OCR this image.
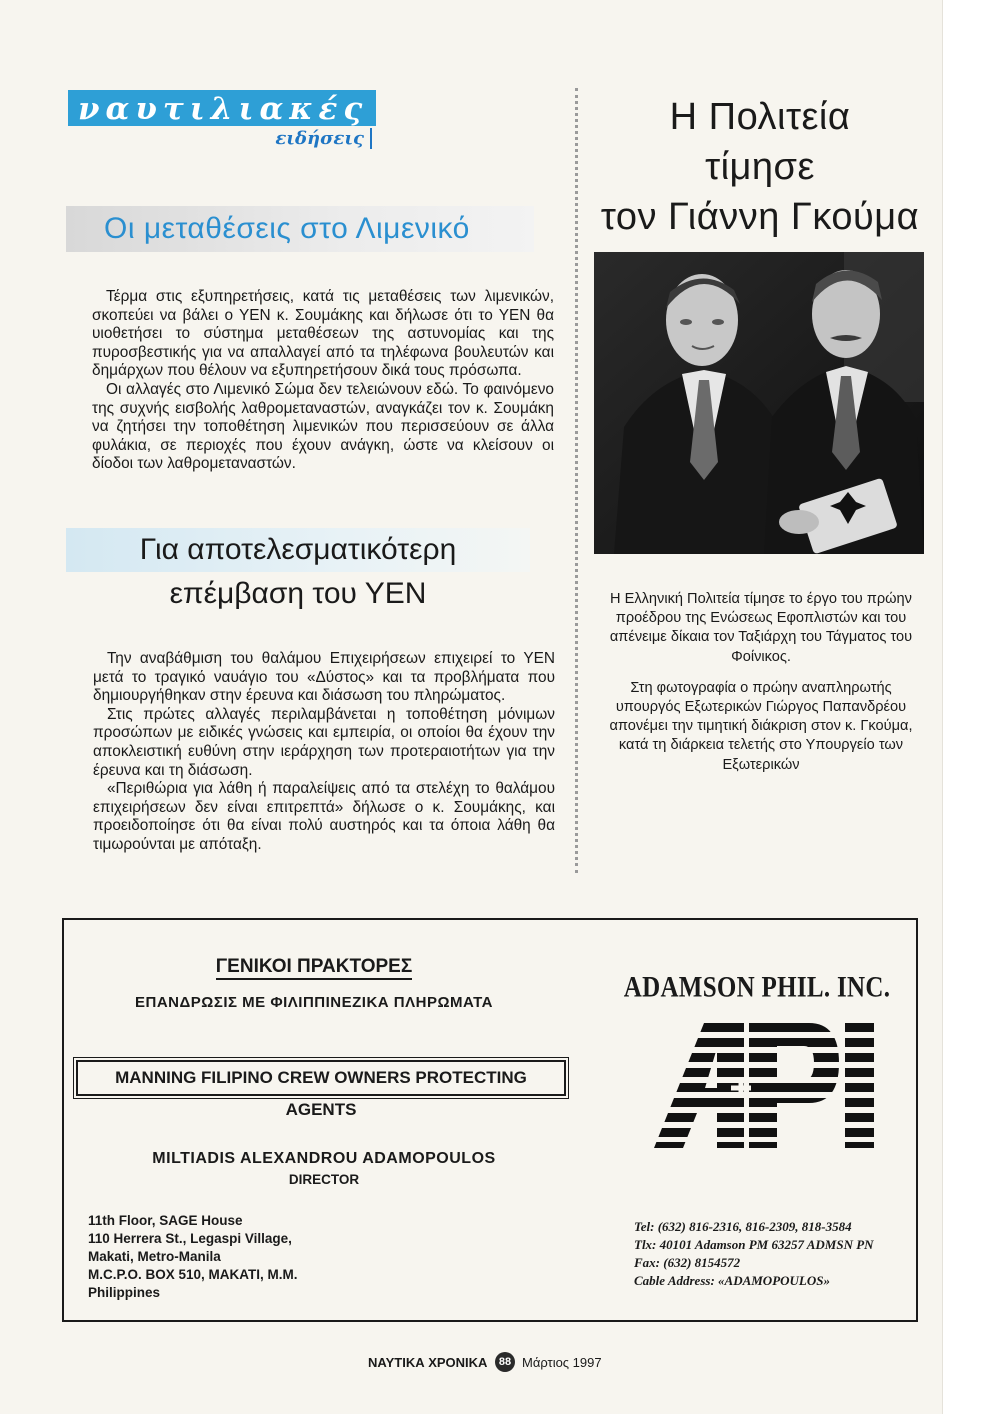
ναυτιλιακές
ειδήσεις
Οι μεταθέσεις στο Λιμενικό

Τέρμα στις εξυπηρετήσεις, κατά τις μεταθέσεις των λιμενικών, σκοπεύει να βάλει ο ΥΕΝ κ. Σουμάκης και δήλωσε ότι το ΥΕΝ θα υιοθετήσει το σύστημα μεταθέσεων της αστυνομίας και της πυροσβεστικής για να απαλλαγεί από τα τηλέφωνα βουλευτών και δημάρχων που θέλουν να εξυπηρετήσουν δικά τους πρόσωπα.

Οι αλλαγές στο Λιμενικό Σώμα δεν τελειώνουν εδώ. Το φαινόμενο της συχνής εισβολής λαθρομεταναστών, αναγκάζει τον κ. Σουμάκη να ζητήσει την τοποθέτηση λιμενικών που περισσεύουν σε άλλα φυλάκια, σε περιοχές που έχουν ανάγκη, ώστε να κλείσουν οι δίοδοι των λαθρομεταναστών.

Για αποτελεσματικότερη
επέμβαση του ΥΕΝ

Την αναβάθμιση του θαλάμου Επιχειρήσεων επιχειρεί το ΥΕΝ μετά το τραγικό ναυάγιο του «Δύστος» και τα προβλήματα που δημιουργήθηκαν στην έρευνα και διάσωση του πληρώματος.

Στις πρώτες αλλαγές περιλαμβάνεται η τοποθέτηση μόνιμων προσώπων με ειδικές γνώσεις και εμπειρία, οι οποίοι θα έχουν την αποκλειστική ευθύνη στην ιεράρχηση των προτεραιοτήτων για την έρευνα και τη διάσωση.

«Περιθώρια για λάθη ή παραλείψεις από τα στελέχη το θαλάμου επιχειρήσεων δεν είναι επιτρεπτά» δήλωσε ο κ. Σουμάκης, και προειδοποίησε ότι θα είναι πολύ αυστηρός και τα όποια λάθη θα τιμωρούνται με απόταξη.

Η Πολιτεία
τίμησε
τον Γιάννη Γκούμα

Η Ελληνική Πολιτεία τίμησε το έργο του πρώην προέδρου της Ενώσεως Εφοπλιστών και του απένειμε δίκαια τον Ταξιάρχη του Τάγματος του Φοίνικος.

Στη φωτογραφία ο πρώην αναπληρωτής υπουργός Εξωτερικών Γιώργος Παπανδρέου απονέμει την τιμητική διάκριση στον κ. Γκούμα, κατά τη διάρκεια τελετής στο Υπουργείο των Εξωτερικών

ΓΕΝΙΚΟΙ ΠΡΑΚΤΟΡΕΣ
ΕΠΑΝΔΡΩΣΙΣ ΜΕ ΦΙΛΙΠΠΙΝΕΖΙΚΑ ΠΛΗΡΩΜΑΤΑ
MANNING FILIPINO CREW OWNERS PROTECTING AGENTS
MILTIADIS ALEXANDROU ADAMOPOULOS
DIRECTOR
11th Floor, SAGE House
110 Herrera St., Legaspi Village,
Makati, Metro-Manila
M.C.P.O. BOX 510, MAKATI, M.M.
Philippines
ADAMSON PHIL. INC.
Tel: (632) 816-2316, 816-2309, 818-3584
Tlx: 40101 Adamson PM 63257 ADMSN PN
Fax: (632) 8154572
Cable Address: «ADAMOPOULOS»
ΝΑΥΤΙΚΑ ΧΡΟΝΙΚΑ	88 Μάρτιος 1997
